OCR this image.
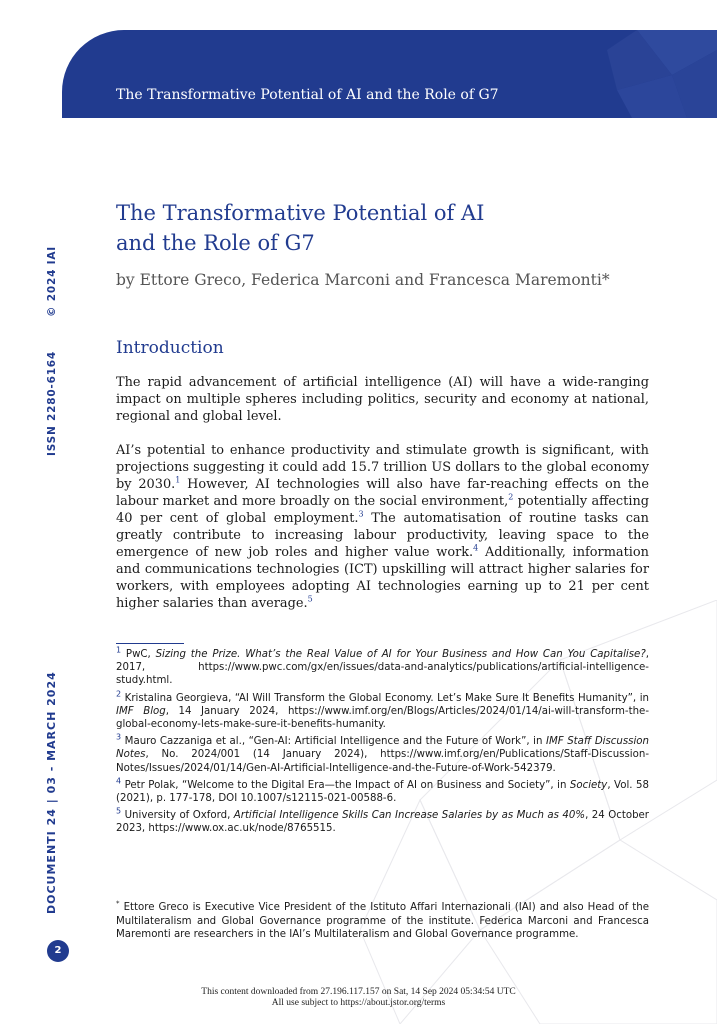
The Transformative Potential of AI and the Role of G7
ISSN 2280-6164
© 2024 IAI
DOCUMENTI 24 | 03 - MARCH 2024
The Transformative Potential of AI
and the Role of G7
by Ettore Greco, Federica Marconi and Francesca Maremonti*
Introduction

The rapid advancement of artificial intelligence (AI) will have a wide-ranging impact on multiple spheres including politics, security and economy at national, regional and global level.

AI’s potential to enhance productivity and stimulate growth is significant, with projections suggesting it could add 15.7 trillion US dollars to the global economy by 2030.$^1$ However, AI technologies will also have far-reaching effects on the labour market and more broadly on the social environment,$^2$ potentially affecting 40 per cent of global employment.$^3$ The automatisation of routine tasks can greatly contribute to increasing labour productivity, leaving space to the emergence of new job roles and higher value work.$^4$ Additionally, information and communications technologies (ICT) upskilling will attract higher salaries for workers, with employees adopting AI technologies earning up to 21 per cent higher salaries than average.$^5$

$^1$ PwC, Sizing the Prize. What’s the Real Value of AI for Your Business and How Can You Capitalise?, 2017, https://www.pwc.com/gx/en/issues/data-and-analytics/publications/artificial-intelligence-study.html.

$^2$ Kristalina Georgieva, “AI Will Transform the Global Economy. Let’s Make Sure It Benefits Humanity”, in IMF Blog, 14 January 2024, https://www.imf.org/en/Blogs/Articles/2024/01/14/ai-will-transform-the-global-economy-lets-make-sure-it-benefits-humanity.

$^3$ Mauro Cazzaniga et al., “Gen-AI: Artificial Intelligence and the Future of Work”, in IMF Staff Discussion Notes, No. 2024/001 (14 January 2024), https://www.imf.org/en/Publications/Staff-Discussion-Notes/Issues/2024/01/14/Gen-AI-Artificial-Intelligence-and-the-Future-of-Work-542379.

$^4$ Petr Polak, “Welcome to the Digital Era—the Impact of AI on Business and Society”, in Society, Vol. 58 (2021), p. 177-178, DOI 10.1007/s12115-021-00588-6.

$^5$ University of Oxford, Artificial Intelligence Skills Can Increase Salaries by as Much as 40%, 24 October 2023, https://www.ox.ac.uk/node/8765515.

* Ettore Greco is Executive Vice President of the Istituto Affari Internazionali (IAI) and also Head of the Multilateralism and Global Governance programme of the institute. Federica Marconi and Francesca Maremonti are researchers in the IAI’s Multilateralism and Global Governance programme.

2
This content downloaded from 27.196.117.157 on Sat, 14 Sep 2024 05:34:54 UTC
All use subject to https://about.jstor.org/terms
